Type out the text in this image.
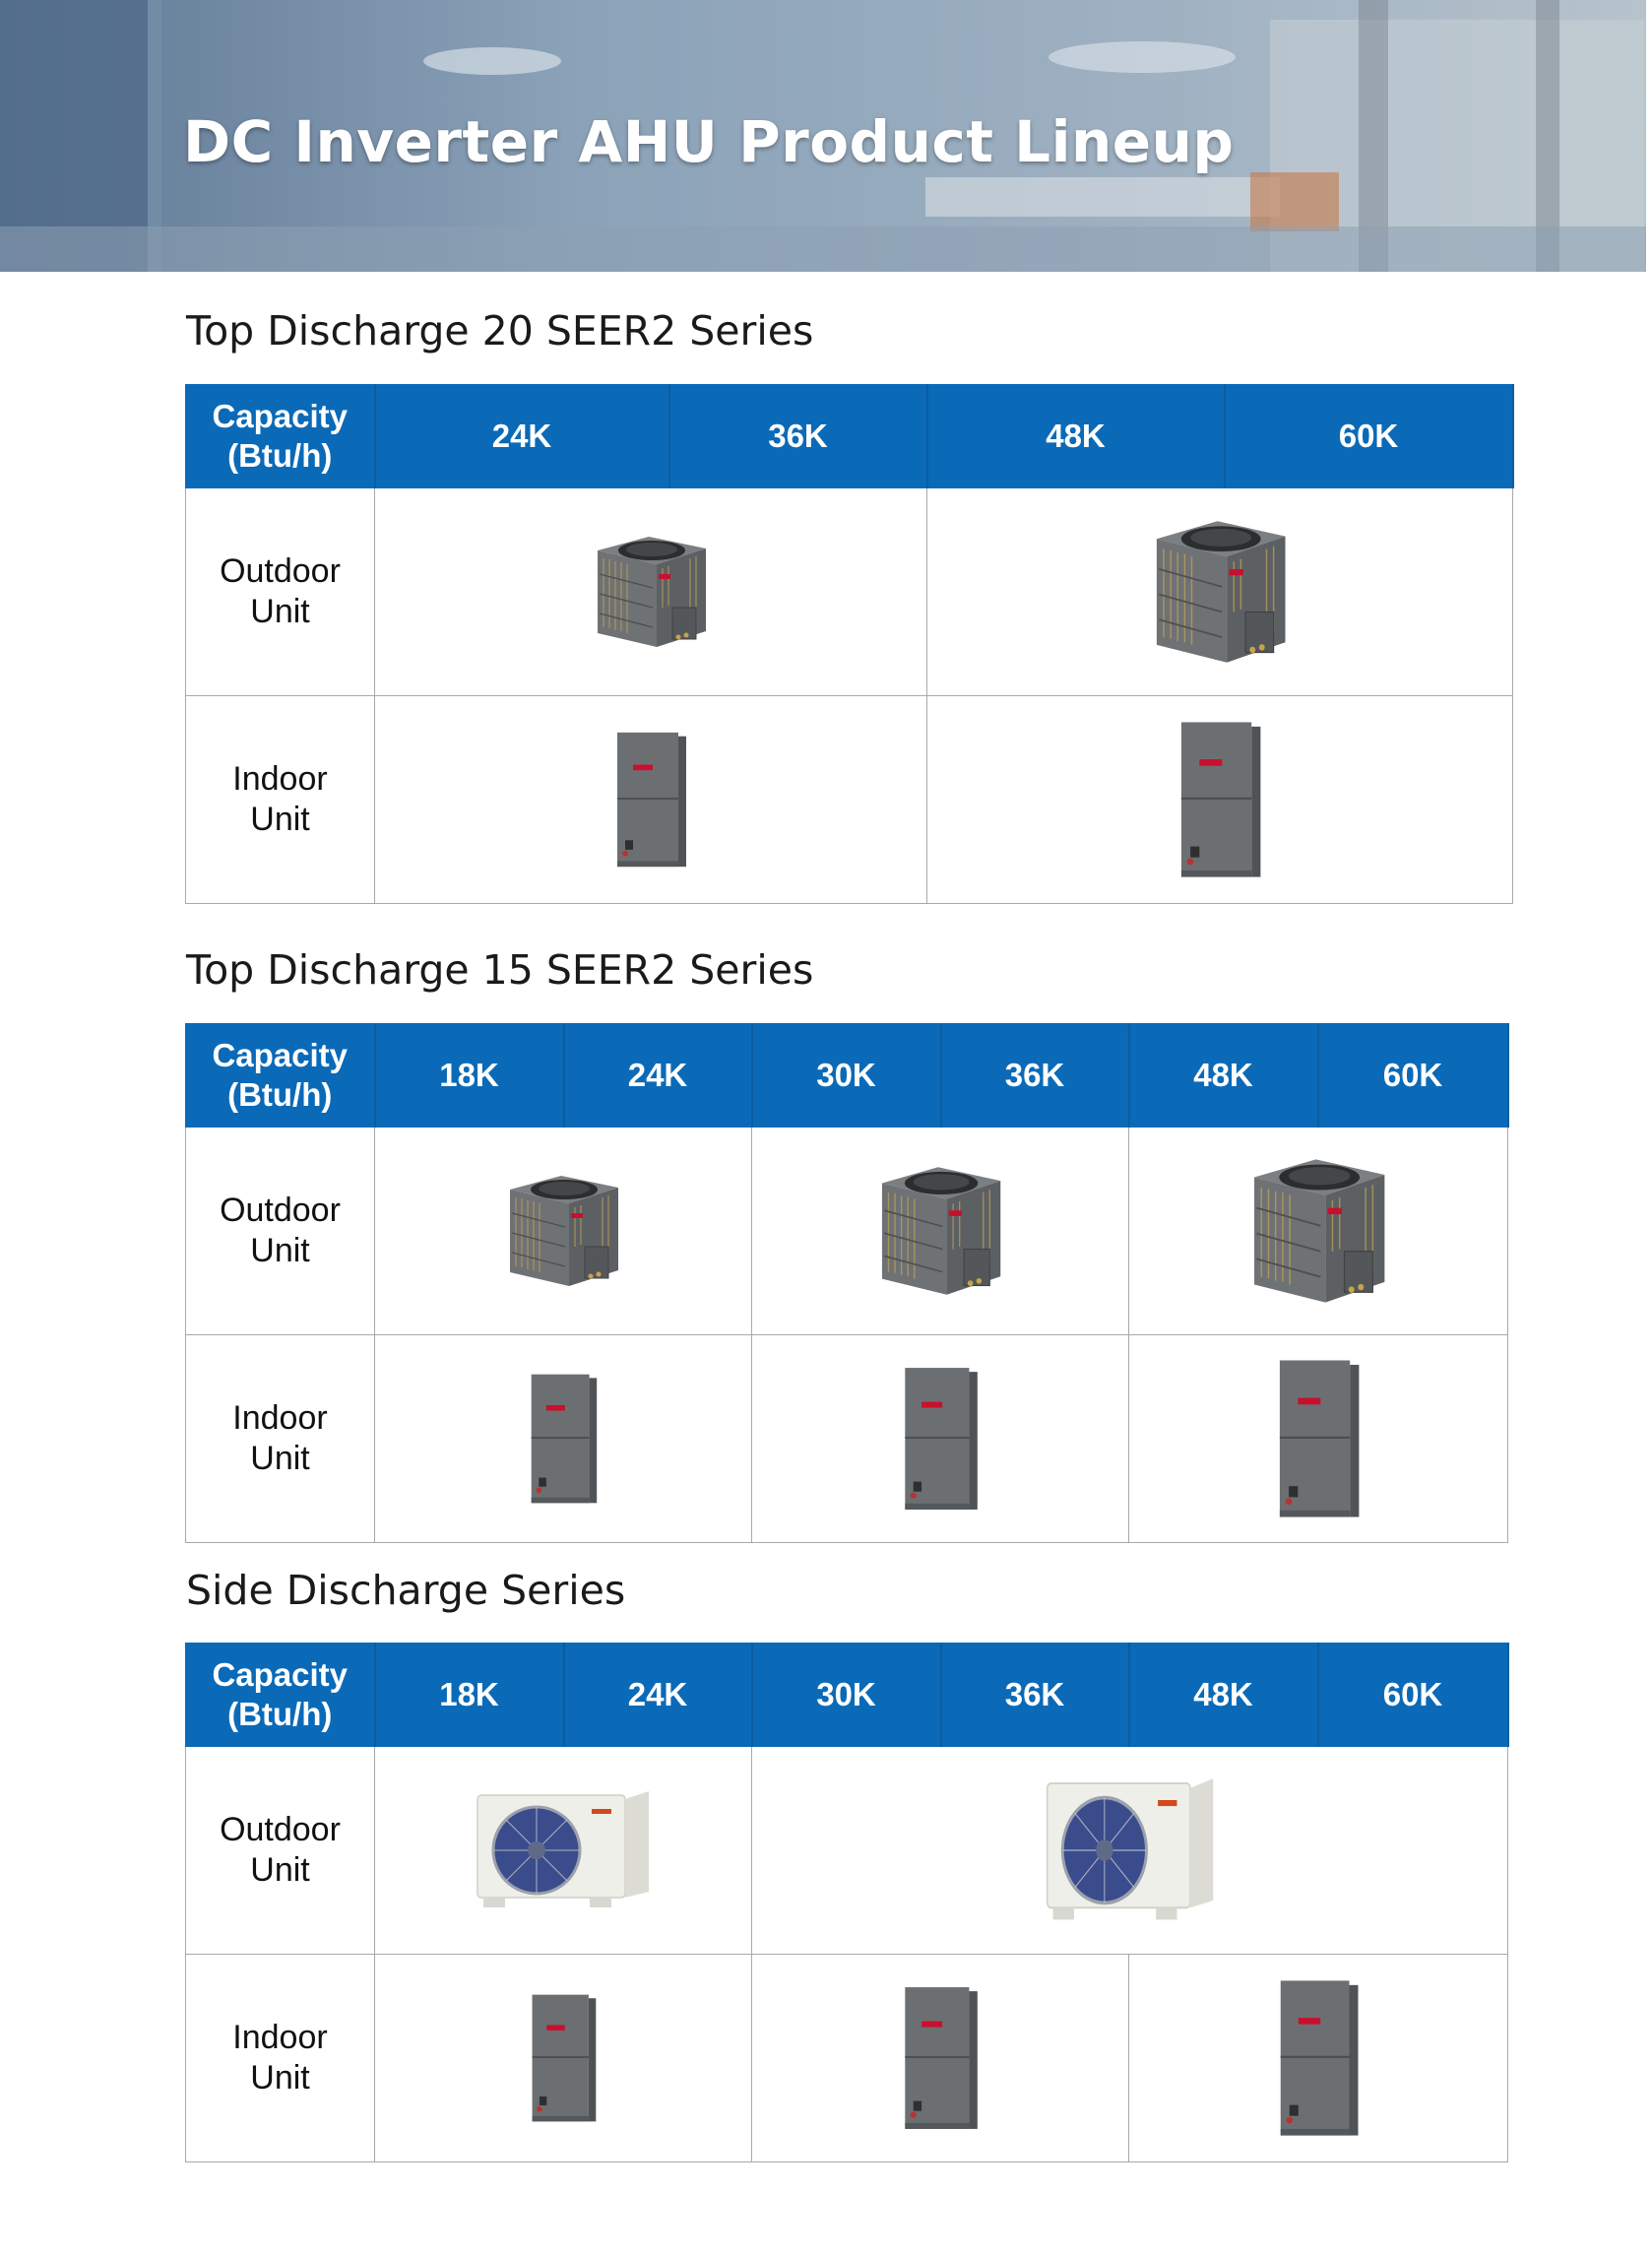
DC Inverter AHU Product Lineup
Top Discharge 20 SEER2 Series
Capacity
(Btu/h)	24K	36K	48K	60K
Outdoor
Unit	

Indoor
Unit	

Top Discharge 15 SEER2 Series
Capacity
(Btu/h)	18K	24K	30K	36K	48K	60K
Outdoor
Unit	

Indoor
Unit	

Side Discharge Series
Capacity
(Btu/h)	18K	24K	30K	36K	48K	60K
Outdoor
Unit	

Indoor
Unit	
